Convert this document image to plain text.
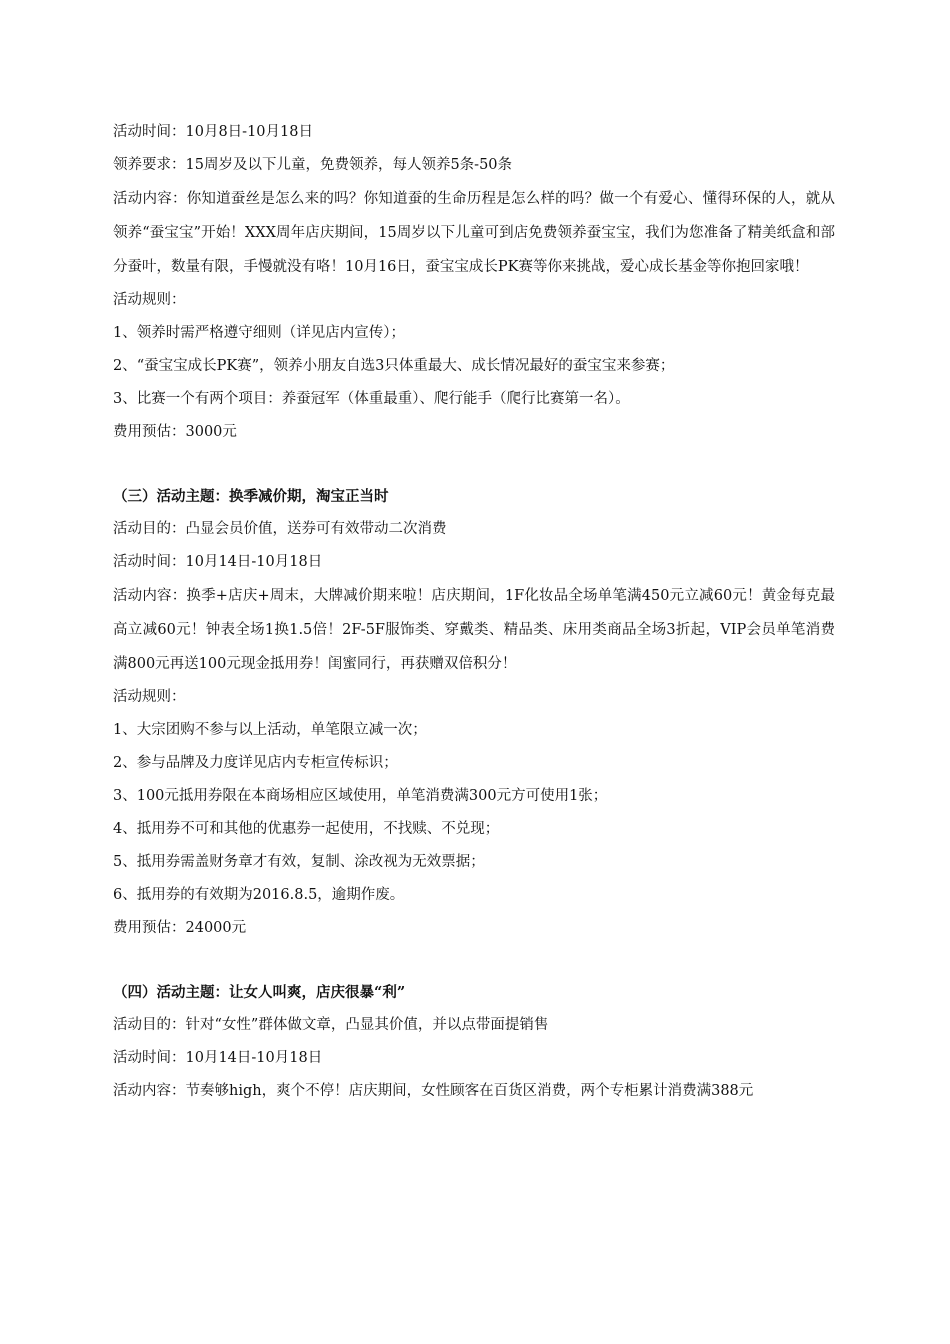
活动时间：10月8日-10月18日
领养要求：15周岁及以下儿童，免费领养，每人领养5条-50条
活动内容：你知道蚕丝是怎么来的吗？你知道蚕的生命历程是怎么样的吗？做一个有爱心、懂得环保的人，就从领养“蚕宝宝”开始！XXX周年店庆期间，15周岁以下儿童可到店免费领养蚕宝宝，我们为您准备了精美纸盒和部分蚕叶，数量有限，手慢就没有咯！10月16日，蚕宝宝成长PK赛等你来挑战，爱心成长基金等你抱回家哦！
活动规则：
1、领养时需严格遵守细则（详见店内宣传）；
2、“蚕宝宝成长PK赛”，领养小朋友自选3只体重最大、成长情况最好的蚕宝宝来参赛；
3、比赛一个有两个项目：养蚕冠军（体重最重）、爬行能手（爬行比赛第一名）。
费用预估：3000元
（三）活动主题：换季减价期，淘宝正当时
活动目的：凸显会员价值，送券可有效带动二次消费
活动时间：10月14日-10月18日
活动内容：换季+店庆+周末，大牌减价期来啦！店庆期间，1F化妆品全场单笔满450元立减60元！黄金每克最高立减60元！钟表全场1换1.5倍！2F-5F服饰类、穿戴类、精品类、床用类商品全场3折起，VIP会员单笔消费满800元再送100元现金抵用券！闺蜜同行，再获赠双倍积分！
活动规则：
1、大宗团购不参与以上活动，单笔限立减一次；
2、参与品牌及力度详见店内专柜宣传标识；
3、100元抵用券限在本商场相应区域使用，单笔消费满300元方可使用1张；
4、抵用券不可和其他的优惠券一起使用，不找赎、不兑现；
5、抵用券需盖财务章才有效，复制、涂改视为无效票据；
6、抵用券的有效期为2016.8.5，逾期作废。
费用预估：24000元
（四）活动主题：让女人叫爽，店庆很暴“利”
活动目的：针对“女性”群体做文章，凸显其价值，并以点带面提销售
活动时间：10月14日-10月18日
活动内容：节奏够high，爽个不停！店庆期间，女性顾客在百货区消费，两个专柜累计消费满388元
